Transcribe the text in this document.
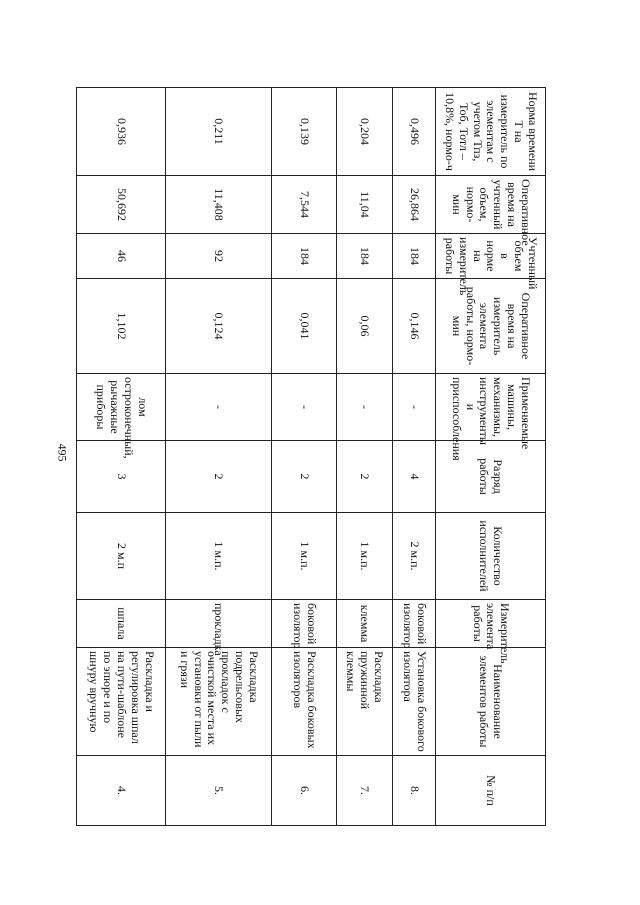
495
Норма времени Т на измеритель по элементам с учетом Тпз, Тоб, Тотл – 10,8%, нормо-ч	Оперативное время на учтенный объем, нормо-мин	Учтенный объем в норме на измеритель работы	Оперативное время на измеритель элемента работы, нормо-мин	Применяемые машины, механизмы, инструменты и приспособления	Разряд работы	Количество исполнителей	Измеритель элемента работы	Наименование элементов работы	№ п/п
0,496	26,864	184	0,146	-	4	2 м.п.	боковой изолятор	Установка бокового изолятора	8.
0,204	11,04	184	0,06	-	2	1 м.п.	клемма	Раскладка пружинной клеммы	7.
0,139	7,544	184	0,041	-	2	1 м.п.	боковой изолятор	Раскладка боковых изоляторов	6.
0,211	11,408	92	0,124	-	2	1 м.п.	прокладка	Раскладка подрельсовых прокладок с очисткой места их установки от пыли и грязи	5.
0,936	50,692	46	1,102	лом остроконечный, рычажные приборы	3	2 м.п	шпала	Раскладка и регулировка шпал на пути-шаблоне по эпюре и по шнуру вручную	4.
